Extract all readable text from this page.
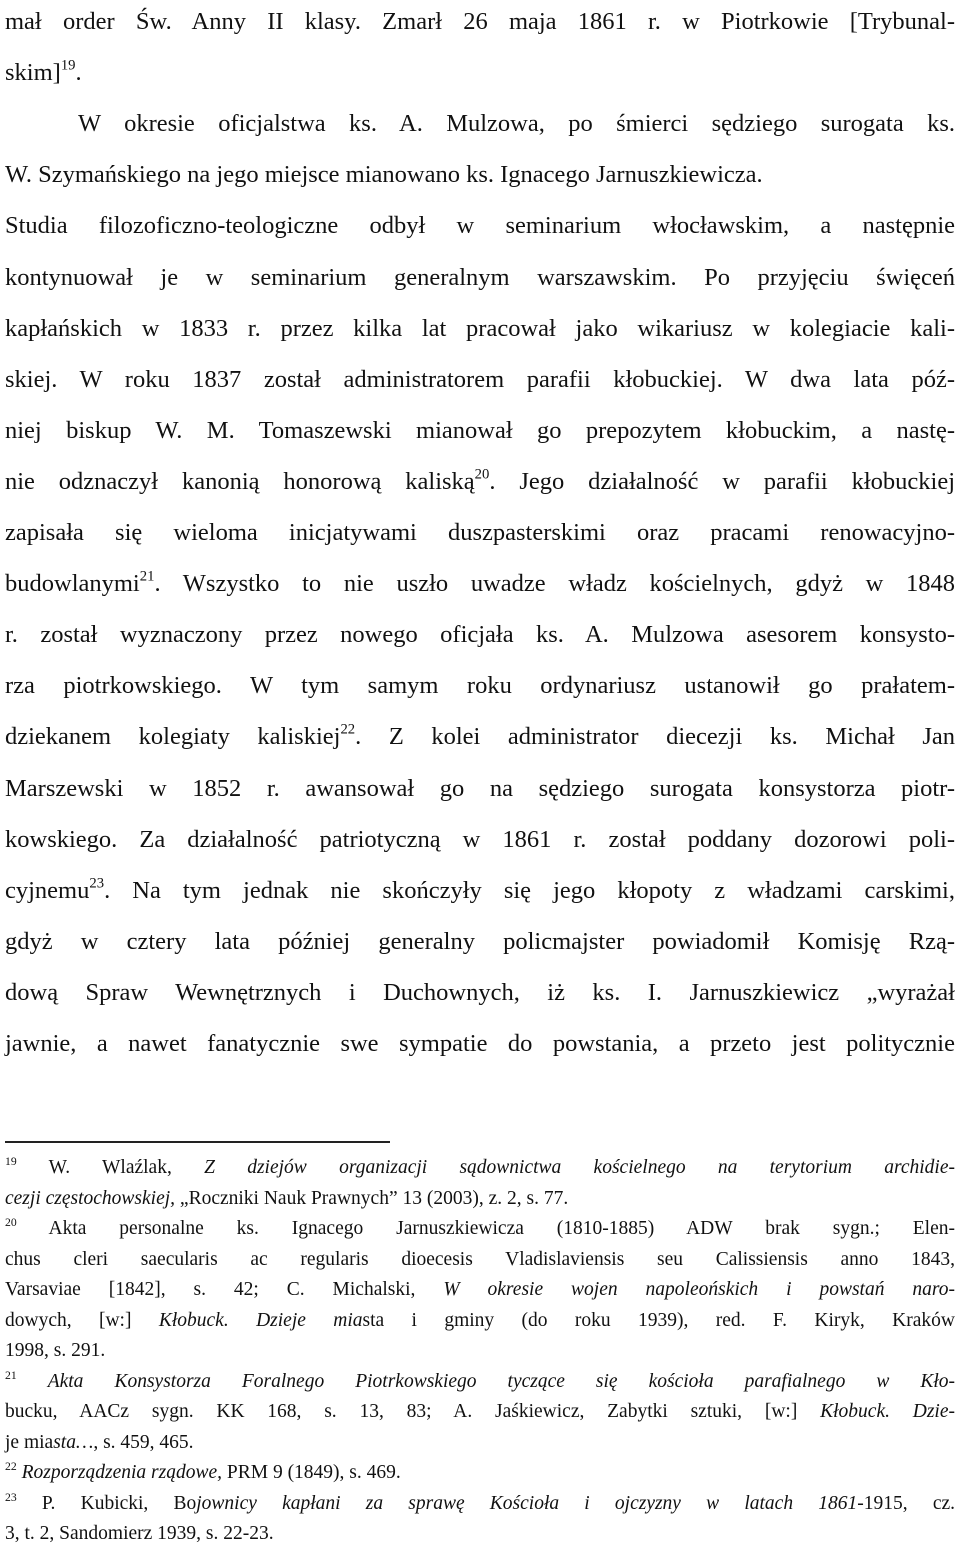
mał order Św. Anny II klasy. Zmarł 26 maja 1861 r. w Piotrkowie [Trybunal-
skim]$^{19}$.
W okresie oficjalstwa ks. A. Mulzowa, po śmierci sędziego surogata ks.
W. Szymańskiego na jego miejsce mianowano ks. Ignacego Jarnuszkiewicza.
Studia filozoficzno-teologiczne odbył w seminarium włocławskim, a następnie
kontynuował je w seminarium generalnym warszawskim. Po przyjęciu święceń
kapłańskich w 1833 r. przez kilka lat pracował jako wikariusz w kolegiacie kali-
skiej. W roku 1837 został administratorem parafii kłobuckiej. W dwa lata póź-
niej biskup W. M. Tomaszewski mianował go prepozytem kłobuckim, a nastę-
nie odznaczył kanonią honorową kaliską$^{20}$. Jego działalność w parafii kłobuckiej
zapisała się wieloma inicjatywami duszpasterskimi oraz pracami renowacyjno-
budowlanymi$^{21}$. Wszystko to nie uszło uwadze władz kościelnych, gdyż w 1848
r. został wyznaczony przez nowego oficjała ks. A. Mulzowa asesorem konsysto-
rza piotrkowskiego. W tym samym roku ordynariusz ustanowił go prałatem-
dziekanem kolegiaty kaliskiej$^{22}$. Z kolei administrator diecezji ks. Michał Jan
Marszewski w 1852 r. awansował go na sędziego surogata konsystorza piotr-
kowskiego. Za działalność patriotyczną w 1861 r. został poddany dozorowi poli-
cyjnemu$^{23}$. Na tym jednak nie skończyły się jego kłopoty z władzami carskimi,
gdyż w cztery lata później generalny policmajster powiadomił Komisję Rzą-
dową Spraw Wewnętrznych i Duchownych, iż ks. I. Jarnuszkiewicz „wyrażał
jawnie, a nawet fanatycznie swe sympatie do powstania, a przeto jest politycznie
$^{19}$ W. Wlaźlak, Z dziejów organizacji sądownictwa kościelnego na terytorium archidie-
cezji częstochowskiej, „Roczniki Nauk Prawnych” 13 (2003), z. 2, s. 77.
$^{20}$ Akta personalne ks. Ignacego Jarnuszkiewicza (1810-1885) ADW brak sygn.; Elen-
chus cleri saecularis ac regularis dioecesis Vladislaviensis seu Calissiensis anno 1843,
Varsaviae [1842], s. 42; C. Michalski, W okresie wojen napoleońskich i powstań naro-
dowych, [w:] Kłobuck. Dzieje miasta i gminy (do roku 1939), red. F. Kiryk, Kraków
1998, s. 291.
$^{21}$ Akta Konsystorza Foralnego Piotrkowskiego tyczące się kościoła parafialnego w Kło-
bucku, AACz sygn. KK 168, s. 13, 83; A. Jaśkiewicz, Zabytki sztuki, [w:] Kłobuck. Dzie-
je miasta…, s. 459, 465.
$^{22}$ Rozporządzenia rządowe, PRM 9 (1849), s. 469.
$^{23}$ P. Kubicki, Bojownicy kapłani za sprawę Kościoła i ojczyzny w latach 1861-1915, cz.
3, t. 2, Sandomierz 1939, s. 22-23.
